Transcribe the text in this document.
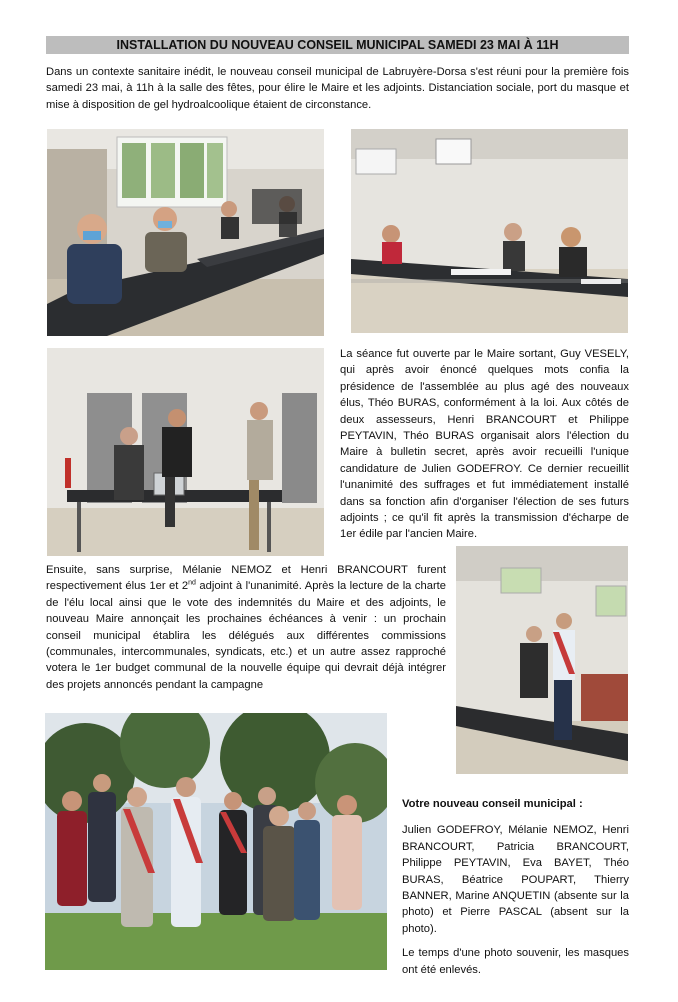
INSTALLATION DU NOUVEAU CONSEIL MUNICIPAL SAMEDI 23 MAI À 11H

Dans un contexte sanitaire inédit, le nouveau conseil municipal de Labruyère-Dorsa s'est réuni pour la première fois samedi 23 mai, à 11h à la salle des fêtes, pour élire le Maire et les adjoints. Distanciation sociale, port du masque et mise à disposition de gel hydroalcoolique étaient de circonstance.

La séance fut ouverte par le Maire sortant, Guy VESELY, qui après avoir énoncé quelques mots confia la présidence de l'assemblée au plus agé des nouveaux élus, Théo BURAS, conformément à la loi. Aux côtés de deux assesseurs, Henri BRANCOURT et Philippe PEYTAVIN, Théo BURAS organisait alors l'élection du Maire à bulletin secret, après avoir recueilli l'unique candidature de Julien GODEFROY. Ce dernier recueillit l'unanimité des suffrages et fut immédiatement installé dans sa fonction afin d'organiser l'élection de ses futurs adjoints ; ce qu'il fit après la transmission d'écharpe de 1er édile par l'ancien Maire.

Ensuite, sans surprise, Mélanie NEMOZ et Henri BRANCOURT furent respectivement élus 1er et 2nd adjoint à l'unanimité. Après la lecture de la charte de l'élu local ainsi que le vote des indemnités du Maire et des adjoints, le nouveau Maire annonçait les prochaines échéances à venir : un prochain conseil municipal établira les délégués aux différentes commissions (communales, intercommunales, syndicats, etc.) et un autre assez rapproché votera le 1er budget communal de la nouvelle équipe qui devrait déjà intégrer des projets annoncés pendant la campagne

Votre nouveau conseil municipal :

Julien GODEFROY, Mélanie NEMOZ, Henri BRANCOURT, Patricia BRANCOURT, Philippe PEYTAVIN, Eva BAYET, Théo BURAS, Béatrice POUPART, Thierry BANNER, Marine ANQUETIN (absente sur la photo) et Pierre PASCAL (absent sur la photo).

Le temps d'une photo souvenir, les masques ont été enlevés.
